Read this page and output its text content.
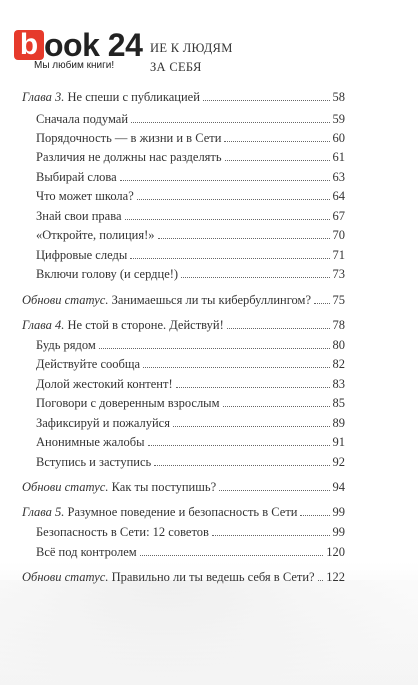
b ook 24
Мы любим книги!
ИЕ К ЛЮДЯМ
ЗА СЕБЯ
Глава 3. Не спеши с публикацией	58
Сначала подумай	59
Порядочность — в жизни и в Сети	60
Различия не должны нас разделять	61
Выбирай слова	63
Что может школа?	64
Знай свои права	67
«Откройте, полиция!»	70
Цифровые следы	71
Включи голову (и сердце!)	73
Обнови статус. Занимаешься ли ты кибербуллингом? 75
Глава 4. Не стой в стороне. Действуй!	78
Будь рядом	80
Действуйте сообща	82
Долой жестокий контент!	83
Поговори с доверенным взрослым	85
Зафиксируй и пожалуйся	89
Анонимные жалобы	91
Вступись и заступись	92
Обнови статус. Как ты поступишь?	94
Глава 5. Разумное поведение и безопасность в Сети	99
Безопасность в Сети: 12 советов	99
Всё под контролем	120
Обнови статус. Правильно ли ты ведешь себя в Сети? 122
